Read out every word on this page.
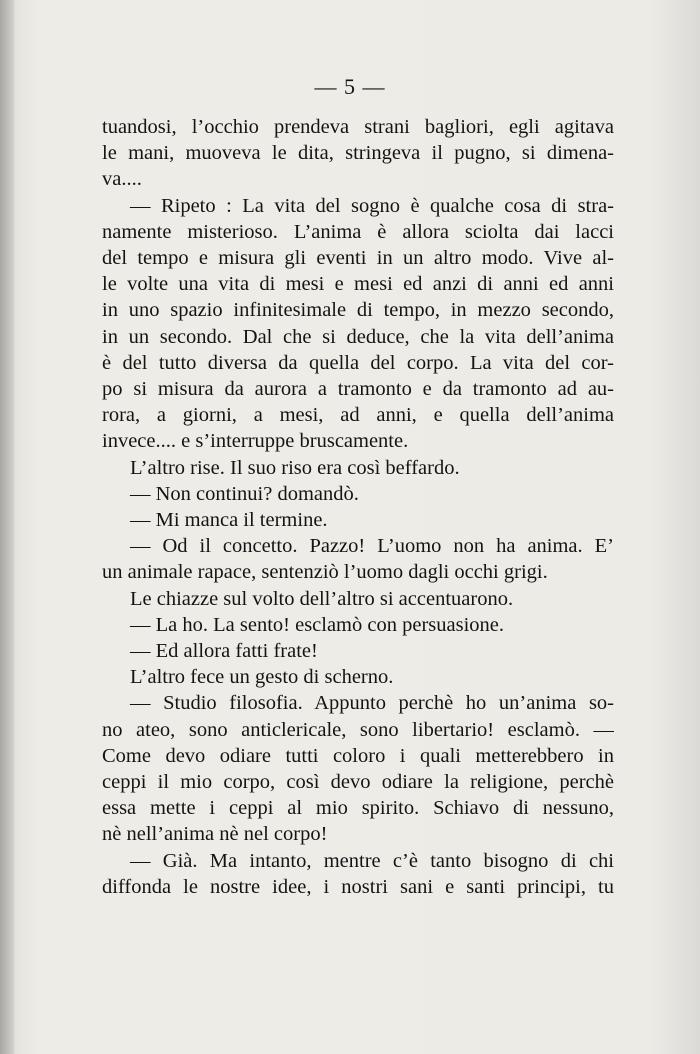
— 5 —
tuandosi, l’occhio prendeva strani bagliori, egli agitava
le mani, muoveva le dita, stringeva il pugno, si dimena-
va....
— Ripeto : La vita del sogno è qualche cosa di stra-
namente misterioso. L’anima è allora sciolta dai lacci
del tempo e misura gli eventi in un altro modo. Vive al-
le volte una vita di mesi e mesi ed anzi di anni ed anni
in uno spazio infinitesimale di tempo, in mezzo secondo,
in un secondo. Dal che si deduce, che la vita dell’anima
è del tutto diversa da quella del corpo. La vita del cor-
po si misura da aurora a tramonto e da tramonto ad au-
rora, a giorni, a mesi, ad anni, e quella dell’anima
invece.... e s’interruppe bruscamente.
L’altro rise. Il suo riso era così beffardo.
— Non continui? domandò.
— Mi manca il termine.
— Od il concetto. Pazzo! L’uomo non ha anima. E’
un animale rapace, sentenziò l’uomo dagli occhi grigi.
Le chiazze sul volto dell’altro si accentuarono.
— La ho. La sento! esclamò con persuasione.
— Ed allora fatti frate!
L’altro fece un gesto di scherno.
— Studio filosofia. Appunto perchè ho un’anima so-
no ateo, sono anticlericale, sono libertario! esclamò. —
Come devo odiare tutti coloro i quali metterebbero in
ceppi il mio corpo, così devo odiare la religione, perchè
essa mette i ceppi al mio spirito. Schiavo di nessuno,
nè nell’anima nè nel corpo!
— Già. Ma intanto, mentre c’è tanto bisogno di chi
diffonda le nostre idee, i nostri sani e santi principi, tu
